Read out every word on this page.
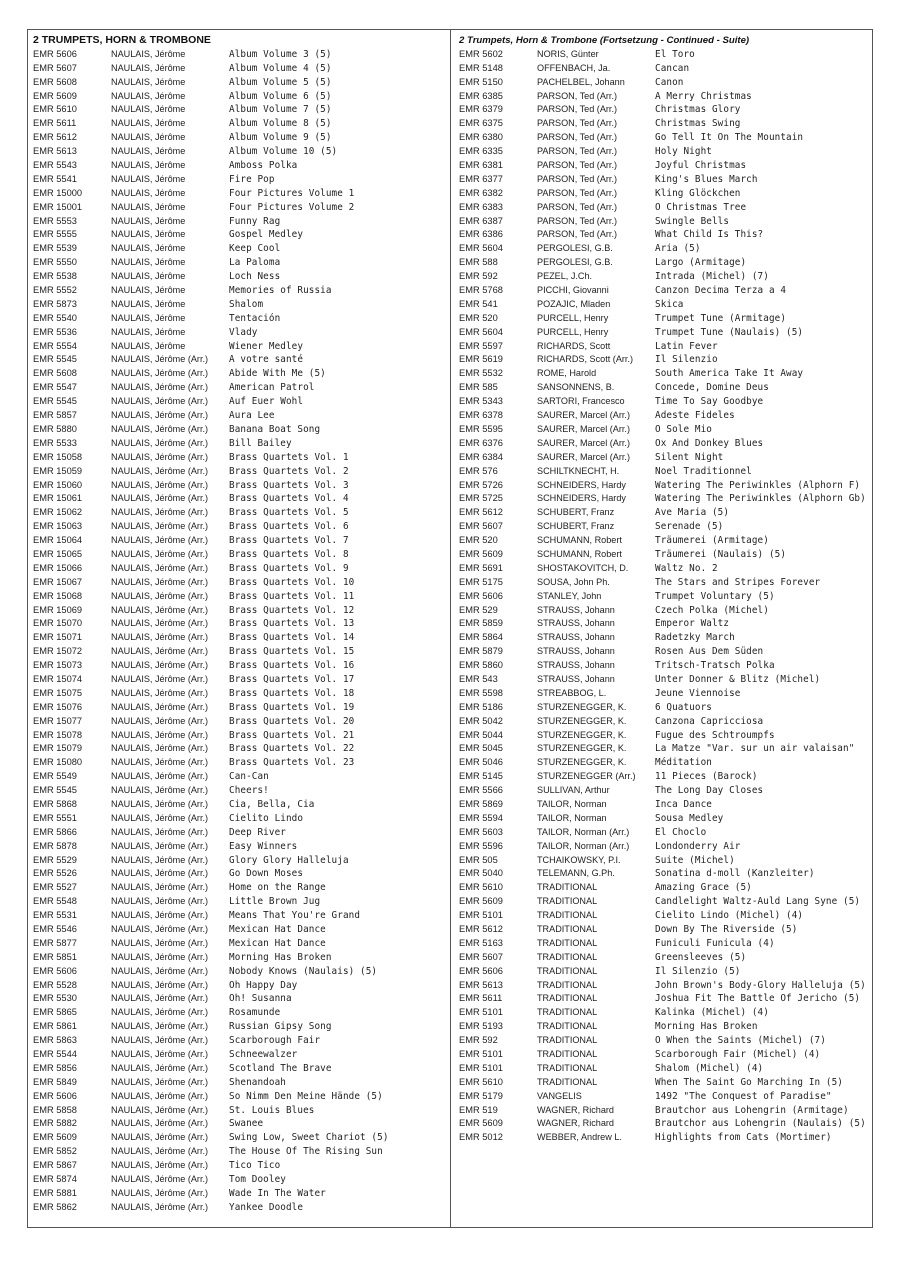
2 TRUMPETS, HORN & TROMBONE
EMR 5606	NAULAIS, Jérôme	Album Volume 3 (5)
EMR 5607	NAULAIS, Jérôme	Album Volume 4 (5)
EMR 5608	NAULAIS, Jérôme	Album Volume 5 (5)
EMR 5609	NAULAIS, Jérôme	Album Volume 6 (5)
EMR 5610	NAULAIS, Jérôme	Album Volume 7 (5)
EMR 5611	NAULAIS, Jérôme	Album Volume 8 (5)
EMR 5612	NAULAIS, Jérôme	Album Volume 9 (5)
EMR 5613	NAULAIS, Jérôme	Album Volume 10 (5)
EMR 5543	NAULAIS, Jérôme	Amboss Polka
EMR 5541	NAULAIS, Jérôme	Fire Pop
EMR 15000	NAULAIS, Jérôme	Four Pictures Volume 1
EMR 15001	NAULAIS, Jérôme	Four Pictures Volume 2
EMR 5553	NAULAIS, Jérôme	Funny Rag
EMR 5555	NAULAIS, Jérôme	Gospel Medley
EMR 5539	NAULAIS, Jérôme	Keep Cool
EMR 5550	NAULAIS, Jérôme	La Paloma
EMR 5538	NAULAIS, Jérôme	Loch Ness
EMR 5552	NAULAIS, Jérôme	Memories of Russia
EMR 5873	NAULAIS, Jérôme	Shalom
EMR 5540	NAULAIS, Jérôme	Tentación
EMR 5536	NAULAIS, Jérôme	Vlady
EMR 5554	NAULAIS, Jérôme	Wiener Medley
EMR 5545	NAULAIS, Jérôme (Arr.)	A votre santé
EMR 5608	NAULAIS, Jérôme (Arr.)	Abide With Me (5)
EMR 5547	NAULAIS, Jérôme (Arr.)	American Patrol
EMR 5545	NAULAIS, Jérôme (Arr.)	Auf Euer Wohl
EMR 5857	NAULAIS, Jérôme (Arr.)	Aura Lee
EMR 5880	NAULAIS, Jérôme (Arr.)	Banana Boat Song
EMR 5533	NAULAIS, Jérôme (Arr.)	Bill Bailey
EMR 15058	NAULAIS, Jérôme (Arr.)	Brass Quartets Vol. 1
EMR 15059	NAULAIS, Jérôme (Arr.)	Brass Quartets Vol. 2
EMR 15060	NAULAIS, Jérôme (Arr.)	Brass Quartets Vol. 3
EMR 15061	NAULAIS, Jérôme (Arr.)	Brass Quartets Vol. 4
EMR 15062	NAULAIS, Jérôme (Arr.)	Brass Quartets Vol. 5
EMR 15063	NAULAIS, Jérôme (Arr.)	Brass Quartets Vol. 6
EMR 15064	NAULAIS, Jérôme (Arr.)	Brass Quartets Vol. 7
EMR 15065	NAULAIS, Jérôme (Arr.)	Brass Quartets Vol. 8
EMR 15066	NAULAIS, Jérôme (Arr.)	Brass Quartets Vol. 9
EMR 15067	NAULAIS, Jérôme (Arr.)	Brass Quartets Vol. 10
EMR 15068	NAULAIS, Jérôme (Arr.)	Brass Quartets Vol. 11
EMR 15069	NAULAIS, Jérôme (Arr.)	Brass Quartets Vol. 12
EMR 15070	NAULAIS, Jérôme (Arr.)	Brass Quartets Vol. 13
EMR 15071	NAULAIS, Jérôme (Arr.)	Brass Quartets Vol. 14
EMR 15072	NAULAIS, Jérôme (Arr.)	Brass Quartets Vol. 15
EMR 15073	NAULAIS, Jérôme (Arr.)	Brass Quartets Vol. 16
EMR 15074	NAULAIS, Jérôme (Arr.)	Brass Quartets Vol. 17
EMR 15075	NAULAIS, Jérôme (Arr.)	Brass Quartets Vol. 18
EMR 15076	NAULAIS, Jérôme (Arr.)	Brass Quartets Vol. 19
EMR 15077	NAULAIS, Jérôme (Arr.)	Brass Quartets Vol. 20
EMR 15078	NAULAIS, Jérôme (Arr.)	Brass Quartets Vol. 21
EMR 15079	NAULAIS, Jérôme (Arr.)	Brass Quartets Vol. 22
EMR 15080	NAULAIS, Jérôme (Arr.)	Brass Quartets Vol. 23
EMR 5549	NAULAIS, Jérôme (Arr.)	Can-Can
EMR 5545	NAULAIS, Jérôme (Arr.)	Cheers!
EMR 5868	NAULAIS, Jérôme (Arr.)	Cia, Bella, Cia
EMR 5551	NAULAIS, Jérôme (Arr.)	Cielito Lindo
EMR 5866	NAULAIS, Jérôme (Arr.)	Deep River
EMR 5878	NAULAIS, Jérôme (Arr.)	Easy Winners
EMR 5529	NAULAIS, Jérôme (Arr.)	Glory Glory Halleluja
EMR 5526	NAULAIS, Jérôme (Arr.)	Go Down Moses
EMR 5527	NAULAIS, Jérôme (Arr.)	Home on the Range
EMR 5548	NAULAIS, Jérôme (Arr.)	Little Brown Jug
EMR 5531	NAULAIS, Jérôme (Arr.)	Means That You're Grand
EMR 5546	NAULAIS, Jérôme (Arr.)	Mexican Hat Dance
EMR 5877	NAULAIS, Jérôme (Arr.)	Mexican Hat Dance
EMR 5851	NAULAIS, Jérôme (Arr.)	Morning Has Broken
EMR 5606	NAULAIS, Jérôme (Arr.)	Nobody Knows (Naulais) (5)
EMR 5528	NAULAIS, Jérôme (Arr.)	Oh Happy Day
EMR 5530	NAULAIS, Jérôme (Arr.)	Oh! Susanna
EMR 5865	NAULAIS, Jérôme (Arr.)	Rosamunde
EMR 5861	NAULAIS, Jérôme (Arr.)	Russian Gipsy Song
EMR 5863	NAULAIS, Jérôme (Arr.)	Scarborough Fair
EMR 5544	NAULAIS, Jérôme (Arr.)	Schneewalzer
EMR 5856	NAULAIS, Jérôme (Arr.)	Scotland The Brave
EMR 5849	NAULAIS, Jérôme (Arr.)	Shenandoah
EMR 5606	NAULAIS, Jérôme (Arr.)	So Nimm Den Meine Hände (5)
EMR 5858	NAULAIS, Jérôme (Arr.)	St. Louis Blues
EMR 5882	NAULAIS, Jérôme (Arr.)	Swanee
EMR 5609	NAULAIS, Jérôme (Arr.)	Swing Low, Sweet Chariot (5)
EMR 5852	NAULAIS, Jérôme (Arr.)	The House Of The Rising Sun
EMR 5867	NAULAIS, Jérôme (Arr.)	Tico Tico
EMR 5874	NAULAIS, Jérôme (Arr.)	Tom Dooley
EMR 5881	NAULAIS, Jérôme (Arr.)	Wade In The Water
EMR 5862	NAULAIS, Jérôme (Arr.)	Yankee Doodle
2 Trumpets, Horn & Trombone (Fortsetzung - Continued - Suite)
EMR 5602	NORIS, Günter	El Toro
EMR 5148	OFFENBACH, Ja.	Cancan
EMR 5150	PACHELBEL, Johann	Canon
EMR 6385	PARSON, Ted (Arr.)	A Merry Christmas
EMR 6379	PARSON, Ted (Arr.)	Christmas Glory
EMR 6375	PARSON, Ted (Arr.)	Christmas Swing
EMR 6380	PARSON, Ted (Arr.)	Go Tell It On The Mountain
EMR 6335	PARSON, Ted (Arr.)	Holy Night
EMR 6381	PARSON, Ted (Arr.)	Joyful Christmas
EMR 6377	PARSON, Ted (Arr.)	King's Blues March
EMR 6382	PARSON, Ted (Arr.)	Kling Glöckchen
EMR 6383	PARSON, Ted (Arr.)	O Christmas Tree
EMR 6387	PARSON, Ted (Arr.)	Swingle Bells
EMR 6386	PARSON, Ted (Arr.)	What Child Is This?
EMR 5604	PERGOLESI, G.B.	Aria (5)
EMR 588	PERGOLESI, G.B.	Largo (Armitage)
EMR 592	PEZEL, J.Ch.	Intrada (Michel) (7)
EMR 5768	PICCHI, Giovanni	Canzon Decima Terza a 4
EMR 541	POZAJIC, Mladen	Skica
EMR 520	PURCELL, Henry	Trumpet Tune (Armitage)
EMR 5604	PURCELL, Henry	Trumpet Tune (Naulais) (5)
EMR 5597	RICHARDS, Scott	Latin Fever
EMR 5619	RICHARDS, Scott (Arr.)	Il Silenzio
EMR 5532	ROME, Harold	South America Take It Away
EMR 585	SANSONNENS, B.	Concede, Domine Deus
EMR 5343	SARTORI, Francesco	Time To Say Goodbye
EMR 6378	SAURER, Marcel (Arr.)	Adeste Fideles
EMR 5595	SAURER, Marcel (Arr.)	O Sole Mio
EMR 6376	SAURER, Marcel (Arr.)	Ox And Donkey Blues
EMR 6384	SAURER, Marcel (Arr.)	Silent Night
EMR 576	SCHILTKNECHT, H.	Noel Traditionnel
EMR 5726	SCHNEIDERS, Hardy	Watering The Periwinkles (Alphorn F)
EMR 5725	SCHNEIDERS, Hardy	Watering The Periwinkles (Alphorn Gb)
EMR 5612	SCHUBERT, Franz	Ave Maria (5)
EMR 5607	SCHUBERT, Franz	Serenade (5)
EMR 520	SCHUMANN, Robert	Träumerei (Armitage)
EMR 5609	SCHUMANN, Robert	Träumerei (Naulais) (5)
EMR 5691	SHOSTAKOVITCH, D.	Waltz No. 2
EMR 5175	SOUSA, John Ph.	The Stars and Stripes Forever
EMR 5606	STANLEY, John	Trumpet Voluntary (5)
EMR 529	STRAUSS, Johann	Czech Polka (Michel)
EMR 5859	STRAUSS, Johann	Emperor Waltz
EMR 5864	STRAUSS, Johann	Radetzky March
EMR 5879	STRAUSS, Johann	Rosen Aus Dem Süden
EMR 5860	STRAUSS, Johann	Tritsch-Tratsch Polka
EMR 543	STRAUSS, Johann	Unter Donner & Blitz (Michel)
EMR 5598	STREABBOG, L.	Jeune Viennoise
EMR 5186	STURZENEGGER, K.	6 Quatuors
EMR 5042	STURZENEGGER, K.	Canzona Capricciosa
EMR 5044	STURZENEGGER, K.	Fugue des Schtroumpfs
EMR 5045	STURZENEGGER, K.	La Matze "Var. sur un air valaisan"
EMR 5046	STURZENEGGER, K.	Méditation
EMR 5145	STURZENEGGER (Arr.)	11 Pieces (Barock)
EMR 5566	SULLIVAN, Arthur	The Long Day Closes
EMR 5869	TAILOR, Norman	Inca Dance
EMR 5594	TAILOR, Norman	Sousa Medley
EMR 5603	TAILOR, Norman (Arr.)	El Choclo
EMR 5596	TAILOR, Norman (Arr.)	Londonderry Air
EMR 505	TCHAIKOWSKY, P.I.	Suite (Michel)
EMR 5040	TELEMANN, G.Ph.	Sonatina d-moll (Kanzleiter)
EMR 5610	TRADITIONAL	Amazing Grace (5)
EMR 5609	TRADITIONAL	Candlelight Waltz-Auld Lang Syne (5)
EMR 5101	TRADITIONAL	Cielito Lindo (Michel) (4)
EMR 5612	TRADITIONAL	Down By The Riverside (5)
EMR 5163	TRADITIONAL	Funiculi Funicula (4)
EMR 5607	TRADITIONAL	Greensleeves (5)
EMR 5606	TRADITIONAL	Il Silenzio (5)
EMR 5613	TRADITIONAL	John Brown's Body-Glory Halleluja (5)
EMR 5611	TRADITIONAL	Joshua Fit The Battle Of Jericho (5)
EMR 5101	TRADITIONAL	Kalinka (Michel) (4)
EMR 5193	TRADITIONAL	Morning Has Broken
EMR 592	TRADITIONAL	O When the Saints (Michel) (7)
EMR 5101	TRADITIONAL	Scarborough Fair (Michel) (4)
EMR 5101	TRADITIONAL	Shalom (Michel) (4)
EMR 5610	TRADITIONAL	When The Saint Go Marching In (5)
EMR 5179	VANGELIS	1492 "The Conquest of Paradise"
EMR 519	WAGNER, Richard	Brautchor aus Lohengrin (Armitage)
EMR 5609	WAGNER, Richard	Brautchor aus Lohengrin (Naulais) (5)
EMR 5012	WEBBER, Andrew L.	Highlights from Cats (Mortimer)
